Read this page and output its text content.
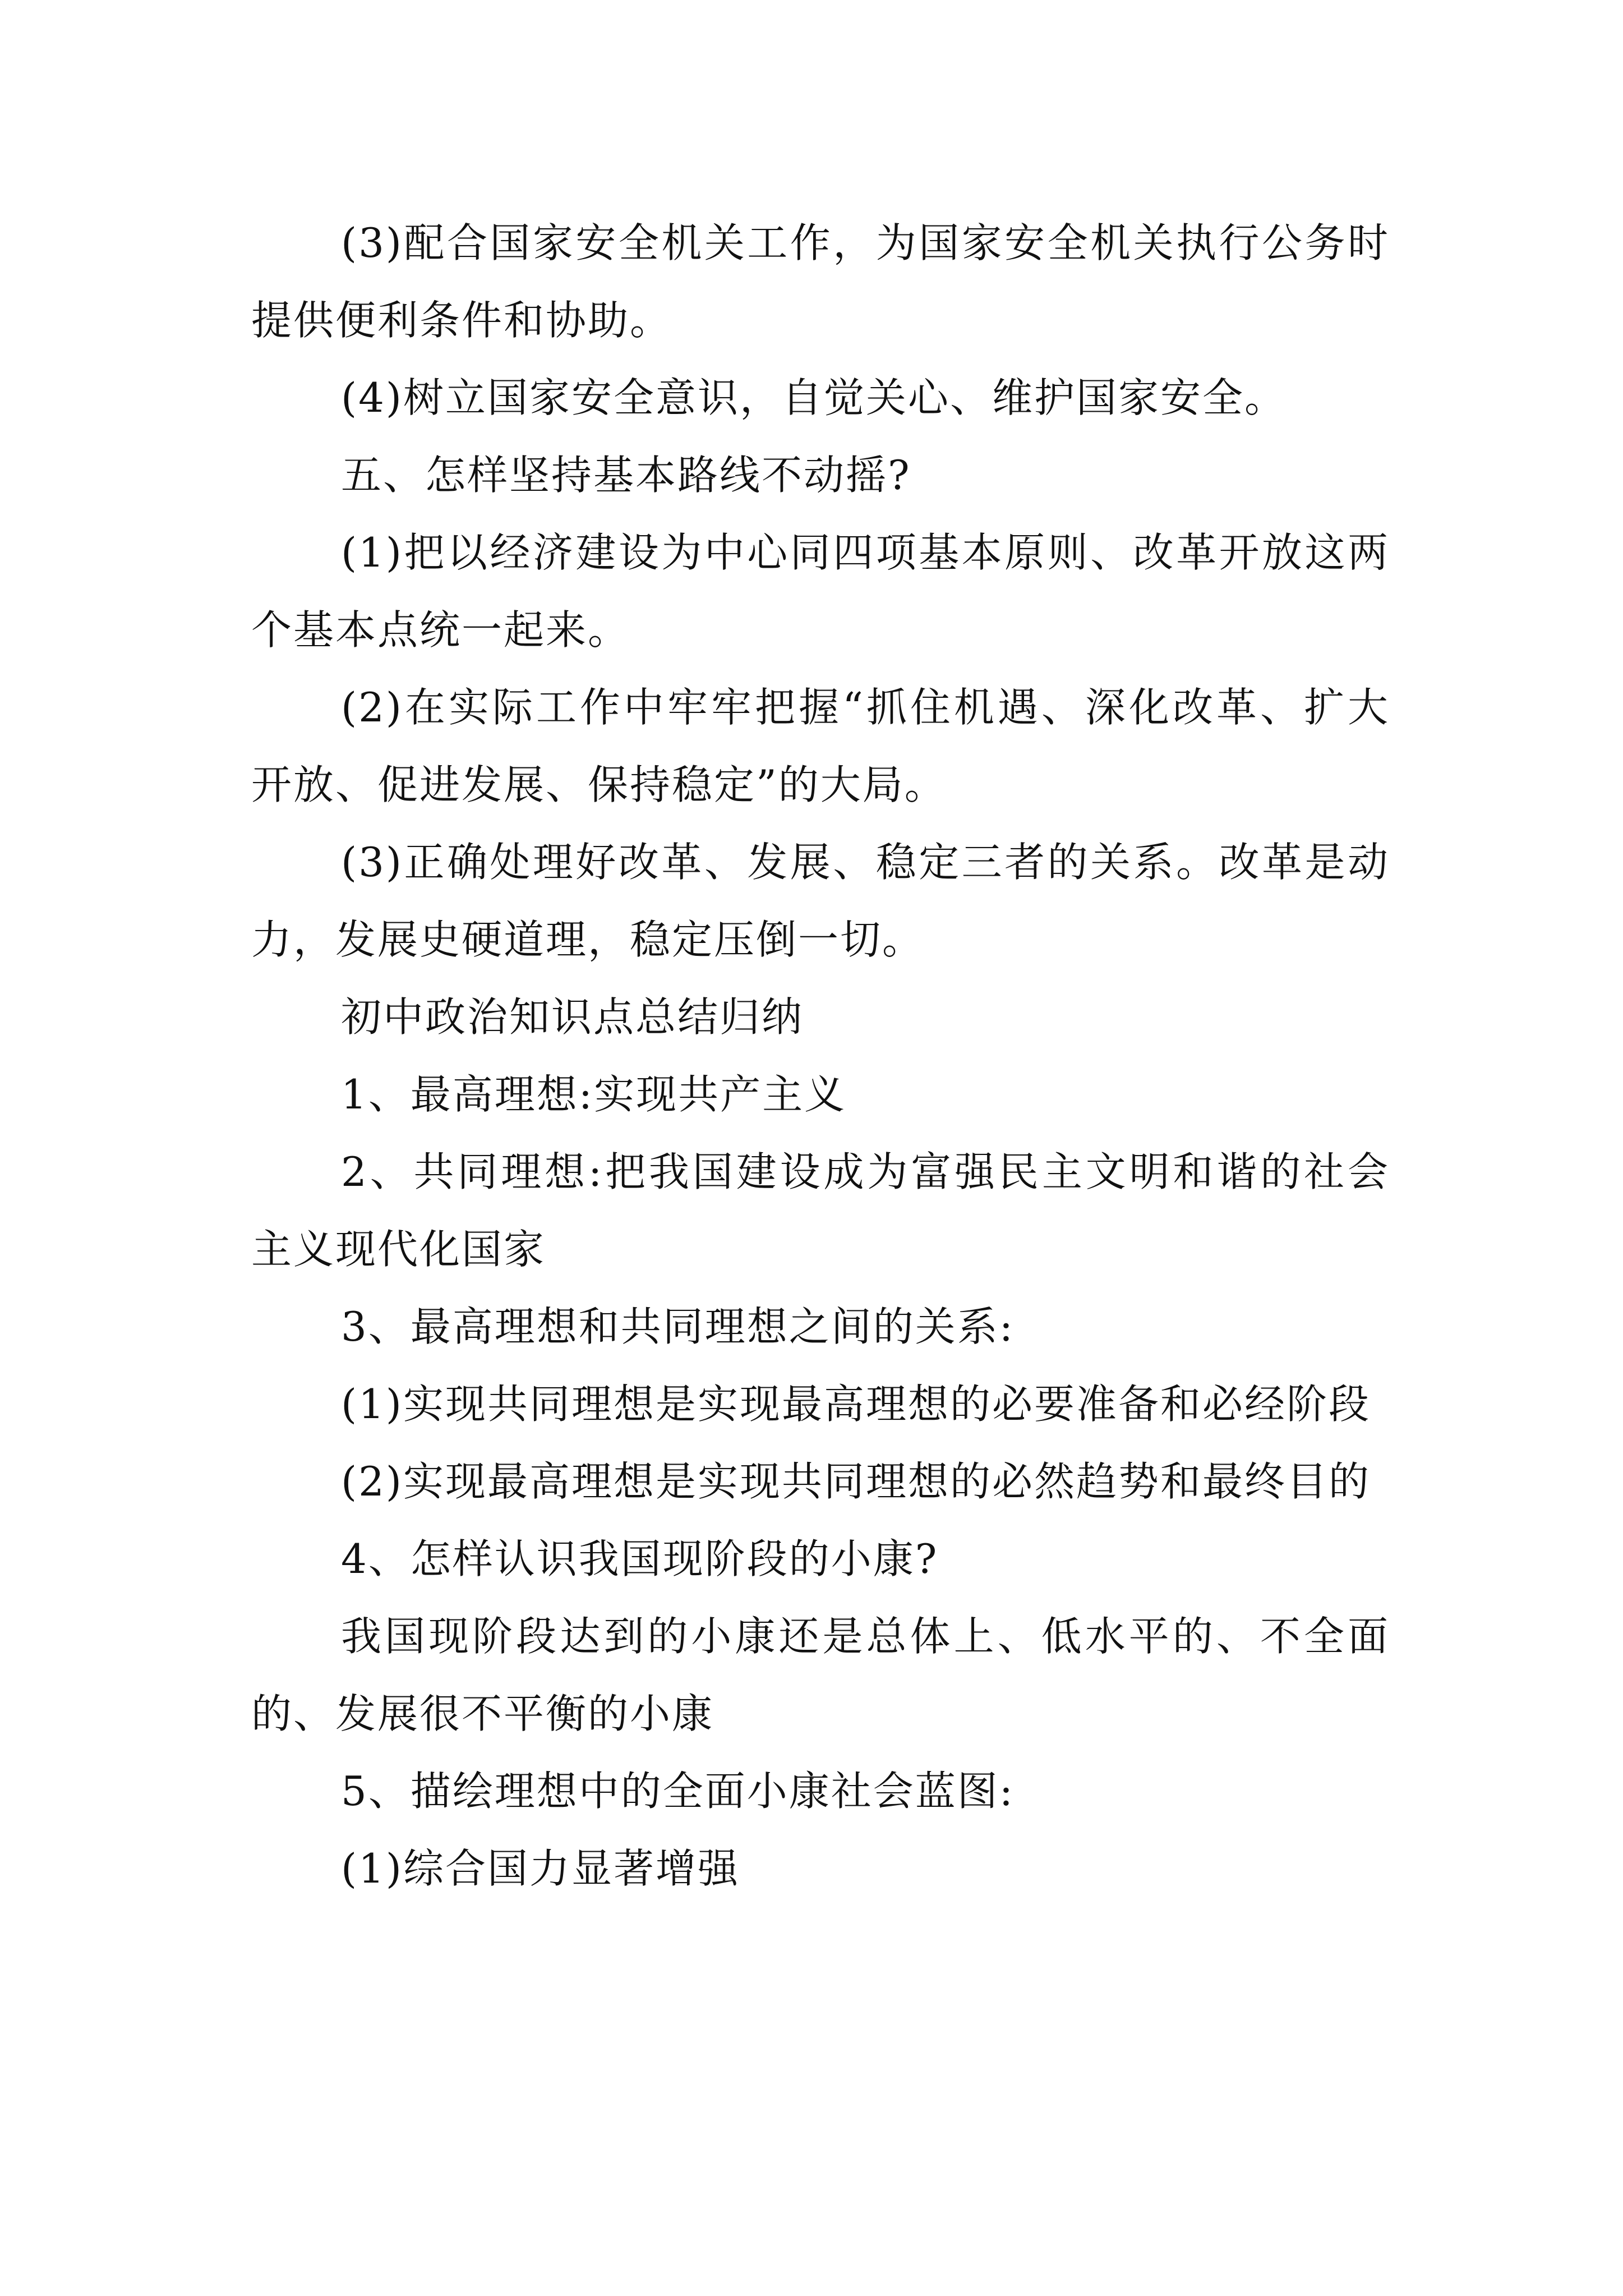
(3)配合国家安全机关工作，为国家安全机关执行公务时提供便利条件和协助。

(4)树立国家安全意识，自觉关心、维护国家安全。

五、怎样坚持基本路线不动摇?

(1)把以经济建设为中心同四项基本原则、改革开放这两个基本点统一起来。

(2)在实际工作中牢牢把握“抓住机遇、深化改革、扩大开放、促进发展、保持稳定”的大局。

(3)正确处理好改革、发展、稳定三者的关系。改革是动力，发展史硬道理，稳定压倒一切。

初中政治知识点总结归纳

1、最高理想:实现共产主义

2、共同理想:把我国建设成为富强民主文明和谐的社会主义现代化国家

3、最高理想和共同理想之间的关系:

(1)实现共同理想是实现最高理想的必要准备和必经阶段

(2)实现最高理想是实现共同理想的必然趋势和最终目的

4、怎样认识我国现阶段的小康?

我国现阶段达到的小康还是总体上、低水平的、不全面的、发展很不平衡的小康

5、描绘理想中的全面小康社会蓝图:

(1)综合国力显著增强
